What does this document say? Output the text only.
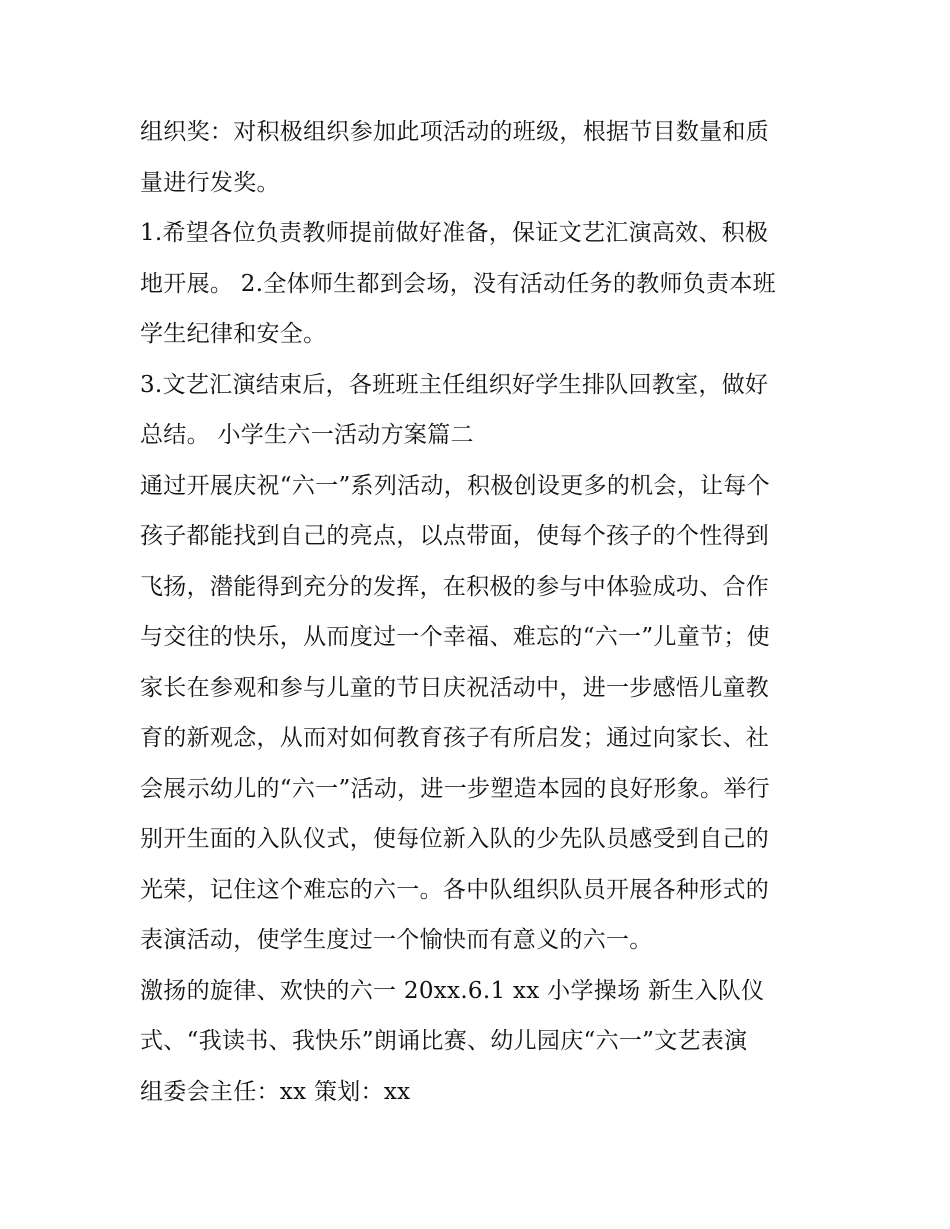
组织奖：对积极组织参加此项活动的班级，根据节目数量和质
量进行发奖。
1.希望各位负责教师提前做好准备，保证文艺汇演高效、积极
地开展。 2.全体师生都到会场，没有活动任务的教师负责本班
学生纪律和安全。
3.文艺汇演结束后，各班班主任组织好学生排队回教室，做好
总结。 小学生六一活动方案篇二
通过开展庆祝“六一”系列活动，积极创设更多的机会，让每个
孩子都能找到自己的亮点，以点带面，使每个孩子的个性得到
飞扬，潜能得到充分的发挥，在积极的参与中体验成功、合作
与交往的快乐，从而度过一个幸福、难忘的“六一”儿童节；使
家长在参观和参与儿童的节日庆祝活动中，进一步感悟儿童教
育的新观念，从而对如何教育孩子有所启发；通过向家长、社
会展示幼儿的“六一”活动，进一步塑造本园的良好形象。举行
别开生面的入队仪式，使每位新入队的少先队员感受到自己的
光荣，记住这个难忘的六一。各中队组织队员开展各种形式的
表演活动，使学生度过一个愉快而有意义的六一。
激扬的旋律、欢快的六一 20xx.6.1 xx 小学操场 新生入队仪
式、“我读书、我快乐”朗诵比赛、幼儿园庆“六一”文艺表演
组委会主任：xx 策划：xx
